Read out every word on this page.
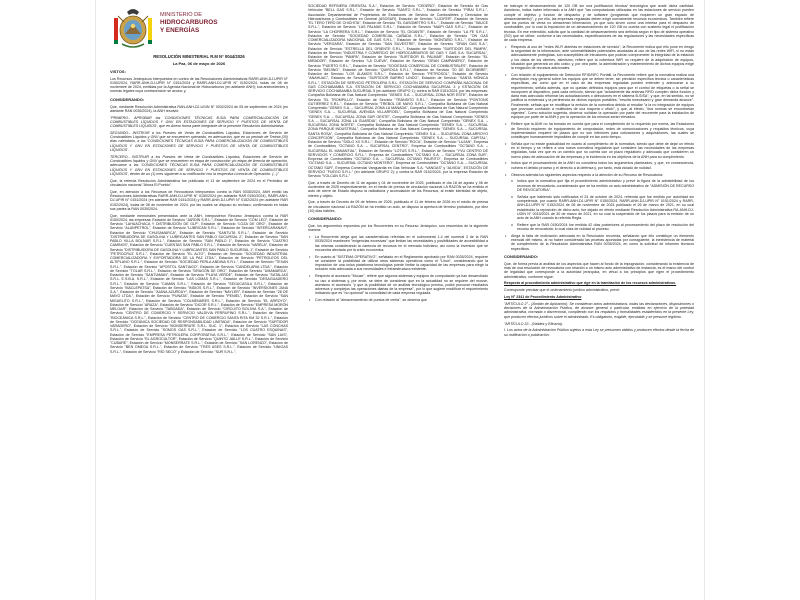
MINISTERIO DE
HIDROCARBUROS
Y ENERGÍAS

RESOLUCIÓN MINISTERIAL R.M N° 0044/2026

La Paz, 06 de mayo de 2026

VISTOS:

Los Recursos Jerárquicos interpuestos en contra de las Resoluciones Administrativas RARR-ANH-DJ-UPIR N° 0150/2024, RARR-ANH-DJ-UPIR N° 0151/2024 y RARR-ANH-DJ-UPIR N° 0152/2024, todas de 08 de noviembre de 2024, emitidas por la Agencia Nacional de Hidrocarburos (en adelante ANH); sus antecedentes y normas legales cuya contravención se acusa; y,

CONSIDERANDO:

Que, mediante Resolución Administrativa RAN-ANH-DJ-UGIN N° 0032/2024 de 05 de septiembre de 2024 (en adelante RAN 0035/2024), la ANH resolvió:

"PRIMERO.- APROBAR las 'CONDICIONES TÉCNICAS B-SIA PARA COMERCIALIZACIÓN DE COMBUSTIBLES LÍQUIDOS Y GNV EN ESTACIONES DE SERVICIO Y PUESTOS DE VENTA DE COMBUSTIBLES LÍQUIDOS', que en Anexo forma parte integrante de la presente Resolución Administrativa.

SEGUNDO.- INSTRUIR a los Puestos de Venta de Combustibles Líquidos, Estaciones de Servicio de Combustibles Líquidos y GNV que se encuentren operando, en adecuación, que en un periodo de Treinta (30) días calendario, a las 'CONDICIONES TÉCNICAS B-SIA PARA COMERCIALIZACIÓN DE COMBUSTIBLES LÍQUIDOS Y GNV EN ESTACIONES DE SERVICIO Y PUESTOS DE VENTA DE COMBUSTIBLES LÍQUIDOS'.

TERCERO.- INSTRUIR a los Puestos de Venta de Combustibles Líquidos, Estaciones de Servicio de Combustibles líquidos y GNV que se encuentren en etapa de construcción y/o etapa de licencia de operación, adecuarse a las 'CONDICIONES TÉCNICAS B-SIA PARA COMERCIALIZACIÓN DE COMBUSTIBLES LÍQUIDOS Y GNV EN ESTACIONES DE SERVICIO Y PUESTOS DE VENTA DE COMBUSTIBLES LÍQUIDOS', dentro de un (1) mes siguiente a su notificación con la respectiva Licencia de Operación. (...)"

Que, la referida Resolución Administrativa fue publicada el 13 de septiembre de 2024 en el Periódico de circulación nacional "Ahora El Pueblo".

Que, en atención a los Recursos de Revocatoria interpuestos contra la RAN 0035/2024, ANH emitió las Resoluciones Administrativas RARR-ANH-DJ-UPIR N° 0150/2024 (en adelante RAR 0150/2024), RARR-ANH-DJ-UPIR N° 0151/2024 (en adelante RAR 0151/2024) y RARR-ANH-DJ-UPIR N° 0152/2024 (en adelante RAR 0152/2024), todas de 08 de noviembre de 2024, por las cuales se dispuso su rechazo, confirmando en todas sus partes la RAN 0035/2024.

Que, mediante memoriales presentados ante la ANH, interpusieron Recurso Jerárquico contra la RAR 0150/2024, las empresas: Estación de Servicio "JARDÍN S.R.L.", Estación de Servicio "COM LEO", Estación de Servicio "LAHUACHACA Y DISTRIBUCIÓN DE GLP", Estación de Servicio "LOZA DE ORO", Estación de Servicio "ALANPETROL", Estación de Servicio "LUBRICAN S.R.L.", Estación de Servicio "INTERCARANAVI", Estación de Servicio "CHUSAMARCA", Estación de Servicio "SANTUTA S.R.L.", Estación de Servicio "DISTRIBUIDORA DE GASOLINA Y LUBRICANTES SAN PABLO SUCURSAL 2", Estación de Servicio "SAN PABLO VILLA BOLIVAR S.R.L.", Estación de Servicio "SAN PABLO 1", Estación de Servicio "CUATRO CAMINOS", Estación de Servicio "CUENTAS SAN PABLO S.R.L.", Estación de Servicio "VARELA", Estación de Servicio "DISTRIBUIDORA DE GASOLINA Y LUBRICANTES SAN PABLO SUCURSAL 1", Estación de Servicio "PETROCRUZ S.R.L.", Estación de Servicio "EL ALTO", Estación de Servicio "SOCIEDAD INDUSTRIAL COMERCIALIZADORA Y EXPORTADORA DE LA PAZ LTDA.", Estación de Servicio "PETROLEOS DEL ALTIPLANO S.R.L.", Estación de Servicio "SOCIEDAD FERLA ANDINA S.R.L.", Estación de Servicio "TEXAN S.R.L.", Estación de Servicio "APOSTOL SANTIAGO", Estación de Servicio "CANDELARIA LTDA.", Estación de Servicio "TOLAR S.R.L.", Estación de Servicio "DRAGÓN DE ORO", Estación de Servicio "UMAMARCA", Estación de Servicio "SANTIAMAN", Estación de Servicio "PLAYA VERDE", Estación de Servicio "SATALJAS S.R.L. E.S.B.A. S.R.L.", Estación de Servicio "LAS LOMAS S.R.L.", Estación de Servicio "DESAGUADERO S.R.L.", Estación de Servicio "CAMAN S.R.L.", Estación de Servicio "SEGUCASILA S.R.L.", Estación de Servicio "MACLEPATSA", Estación de Servicio "INDIOS S.R.L.", Estación de Servicio "INVERSIONES JANA S.A.", Estación de Servicio "JUANA AZURDUY", Estación de Servicio "NAYLER", Estación de Servicio "28 DE MAYO LTDA.", Estación de Servicio "PUNATA", Estación de Servicio "PENIEL", Estación de Servicio "SAN MIGUELITO S.R.L.", Estación de Servicio "COLMENARES S.R.L.", Estación de Servicio "EL ARROYO", Estación de Servicio "ARAZA", Estación de Servicio "DICOR S.R.L.", Estación de Servicio "EMPRESA MORÓN MELGAR", Estación de Servicio "TABOADA", Estación de Servicio "CIRCUITO BOLIVIA S.A.", Estación de Servicio "CENTRO DE COMERCIO Y SERVICIO VALDIVIA FERRUFINO S.R.L.", Estación de Servicio "BIOCEÁNICA S.R.L.", Estación de Servicio "CENTRO DE COMERCIO SANTA RITA KM 32 S.R.L.", Estación de Servicio "OCEÁNICA SOCIEDAD DE RESPONSABILIDAD LIMITADA", Estación de Servicio "SURTIDOR VARADERO", Estación de Servicio "MONSERRATE S.R.L. SUC. 1", Estación de Servicio "LAS CONCHAS S.R.L.", Estación de Servicio "SOMOS GAS S.R.L.", Estación de Servicio "LOS CUATRO ESQUINAS", Estación de Servicio "EMPRESA PETROLERA CORPORATIVA S.R.L.", Estación de Servicio "SAN LUIS", Estación de Servicio "EL AGROCULTOR", Estación de Servicio "QUINTO JAILLE S.R.L.", Estación de Servicio "CUBARE", Estación de Servicio "MONSERRATE S.R.L.", Estación de Servicio "SAN LORENZO", Estación de Servicio "BEN OMEGA S.R.L.", Estación de Servicio "TRES ASES S.R.L.", Estación de Servicio "UNIGAS S.R.L.", Estación de Servicio "RÍO SECO" y Estación de Servicio "SUR S.R.L.",

SOCIEDAD REFINERA ORIENTAL S.A.", Estación de Servicio "CEDEÑO", Estación de Servicio de Gas Vehicular "BELL GAS S.R.L.", Estación de Servicio "SANTO S.R.L.", Estación de Servicio "PIRAI S.R.L.", Asociación Departamental de Propietarios de Estaciones de Servicio de Combustibles y Derivados de Hidrocarburos y Combustibles en General (ASOSUR), Estación de Servicio "LUCIFER", Estación de Servicio "EL TERO TERO DE CHICHITA", Estación de Servicio "EL GASOMETRO S.R.L.", Estación de Servicio "SAUCE S.R.L.", Estación de Servicio "LAS PALMAS S.R.L.", Estación de Servicio "MAIPI GAS S.R.L.", Estación de Servicio "LA CHORRERA S.R.L.", Estación de Servicio "EL GIGANTE", Estación de Servicio "LA FE S.R.L.", Estación de Servicio "SOCIEDAD COMERCIAL CAÑADA S.R.L.", Estación de Servicio "ON GAS COMERCIALIZADORA NACIONAL DE GAS S.R.L.", Estación de Servicio "MONTAÑO S.R.L.", Estación de Servicio "VERGARA", Estación de Servicio "SAN SILVESTRE", Estación de Servicio "GRAN GAS S.A.", Estación de Servicio "ESTRELLA DEL ORIENTE S.R.L.", Estación de Servicio "SURTIDOR DEL PAMPA", Estación de Servicio "INDUSTRIA Y COMERCIO DE HIDROCARBUROS DE GAS Y GAS S.A. SUCURSAL", Estación de Servicio "PAMPA", Estación de Servicio "SURTIDOR EL PALMAR", Estación de Servicio "EL MIRADOR", Estación de Servicio "LA CUEVA", Estación de Servicio "GRAN CAMPANERO", Estación de Servicio "PUERTO S.R.L.", Estación de Servicio "SOCIEDAD COMERCIAL DE COMBUSTIBLES", Estación de Servicio "BEIJING", Estación de Servicio "QUIROGA S.R.L.", Estación de Servicio "20 DE DICIEMBRE", Estación de Servicio "LOS ÁLAMOS S.R.L.", Estación de Servicio "PETROSOL", Estación de Servicio "ANAHUAC", Estación de Servicio "SURTIDOR BARRIO LINDO", Estación de Servicio "SANTA MÓNICA S.R.L.", ESTACIÓN DE SERVICIO PETROLERA S.R.L. ESTACIÓN DE SERVICIO COMPAÑÍA NACIONAL DE GAS COCHABAMBA S.A. ESTACIÓN DE SERVICIO COCHABAMBA SUCURSAL 3 y ESTACIÓN DE SERVICIO COCHABAMBA SUCURSAL 5 (en adelante GRUPO 1); contra la RAR 0151/2024, por las empresas: Compañía Boliviana de Gas Natural Comprimido "GENEX S.A. – SUCURSAL ZONA NOR ESTE", Estación de Servicio "EL TROMPILLO", Estación de Servicio "TRÁNSITO S.R.L.", Estación de Servicio "PONTONS GUTIÉRREZ S.R.L.", Estación de Servicio "TREBOL DE MAYO S.R.L.", Compañía Boliviana de Gas Natural Comprimido "GENEX S.A. – SUCURSAL ZONA LA MANADA", Compañía Boliviana de Gas Natural Comprimido "GENEX S.A. – SUCURSAL AVENIDA VILLARROEL", Compañía Boliviana de Gas Natural Comprimido "GENEX S.A. – SUCURSAL ZONA SUR OESTE", Compañía Boliviana de Gas Natural Comprimido "GENEX S.A. – SUCURSAL ZONA LA GUARDIA", Compañía Boliviana de Gas Natural Comprimido "GENEX S.A. – SUCURSAL ZONA NORTE", Compañía Boliviana de Gas Natural Comprimido "GENEX S.A. – SUCURSAL ZONA PARQUE INDUSTRIAL", Compañía Boliviana de Gas Natural Comprimido "GENEX S.A. – SUCURSAL SANTA ROSA", Compañía Boliviana de Gas Natural Comprimido "GENEX S.A. – SUCURSAL ZONA ARROYO CONCEPCIÓN", Compañía Boliviana de Gas Natural Comprimido "GENEX S.A. – SUCURSAL CAPITAL", Estación de Servicio "SIGLO XX S.R.L.", Estación de Servicio "ROCA", Estación de Servicio "LUJAN", Empresa de Combustibles "OCTANO S.A. – SUCURSAL CENTRO", Empresa de Combustibles "OCTANO S.A. – SUCURSAL EL MANANTIAL", Estación de Servicio "LOTUS S.R.L.", Estación de Servicio "YVU CENTRO DE SERVICIOS Y COMERCIO S.R.L.", Empresa de Combustibles "OCTANO S.A. – SUCURSAL ZONA SUR", Empresa de Combustibles "OCTANO S.A. – SUCURSAL OCTANO PAURITO", Empresa de Combustibles "OCTANO S.A. – SUCURSAL OCTANO MONTERO", Empresa de Combustibles "OCTANO S.A. – SUCURSAL OCTANO SUR", Empresa Comercial Vanguardia en Gas Vehicular S.A. "VANGAS" y "ALVIDA", ESTACIÓN DE SERVICIO "FUEGO S.R.L." (en adelante GRUPO 2); y contra la RAR 0152/2024, por la empresa Estación de Servicio "VOLCAN S.R.L."

Que, a través de Decreto de 11 de agosto y 04 de noviembre de 2025, publicado el día 18 de agosto y 06 de noviembre de 2025 respectivamente, en el medio de prensa de circulación nacional LA RAZÓN se ha emitido el auto de cierre de Estado dispuso la radicatoria y acumulación de los Recursos, al existir identidad de objeto, interés y objeto.

Que, a través de Decreto de 09 de febrero de 2026, publicado el 11 de febrero de 2026 en el medio de prensa de circulación nacional LA RAZÓN se ha emitido un auto, se dispuso la apertura de término probatorio, por diez (10) días hábiles.

CONSIDERANDO:

Que, los argumentos expuestos por los Recurrentes en su Recurso Jerárquico, son resumidos de la siguiente manera:

• La Recurrente alega que las características referidas en el subnumeral 1.4 del numeral 3 de la RAN 0035/2024 mantienen "exigencias excesivas" que limitan las necesidades y posibilidades de accesibilidad a las mismas considerando la carencia de recursos en el mercado boliviano, así como la inversión que se encuentra afectada por la crisis económica.

• En cuanto al "SISTEMA OPERATIVO", señalado en el Reglamento aprobado por RAN 0035/2024, requiere se considere la posibilidad de utilizar otros sistemas operativos como el "Linux", considerando que la imposición de una única plataforma tecnológica puede limitar la capacidad de las empresas para elegir la solución más adecuada a sus necesidades e infraestructura existente.

• Respecto al accesorio "Mouse", refiere que algunos sistemas y equipos de computación ya han desarrollado su uso a sistemas y, por ende, se debe de considerar que en la actualidad no se requiere del mouse, asimismo el accesorio "y que la posibilidad de un análisis tecnológico preciso, podrá provocar resultados adversos y complejos las operaciones diarias de la empresa", por lo que sugiere modificar el requerimiento indicando que es "no opcional" la comodidad de cada empresa regulada.

• Con relación al "almacenamiento de puntos de venta", se observa que

se instruya el almacenamiento de 120 GB sin una justificación técnica/ tecnológica que avale dicha cantidad. Asimismo, indica haber informado a la ANH que "las computadoras utilizadas en las estaciones de servicio pueden cumplir el objetivo y función de despacho y de software (programas que requieren un gran espacio de almacenamiento)", y por ello, las empresas reguladas deben exigir nuevamente recursos económicos. También refiere que los puntos de venta no almacenan información, ya que solo sirven como una interfaz para el despacho de combustible, por lo cual la imposición de un almacenamiento de 120 GB no cuenta con sustento legal ni justificación técnica. En ese entendido, solicita que la cantidad de almacenamiento sea definida según el tipo de sistema operativo (SO) que se utilice, conforme a las necesidades, especificaciones de las regulaciones y las necesidades específicas de cada empresa.

• Respecto al uso de "redes Wi-Fi abiertas en estaciones de servicio", la Recurrente indica que ello pone en riesgo la seguridad de la información, ante vulnerabilidades potenciales asociadas al uso de las redes WiFi, si no están adecuadamente protegidas, son susceptibles de intrusiones que podrían comprometer la integridad de la estación y los datos de los clientes, asimismo, refiere que la cobertura WiFi no requiere de la adquisición de equipos, situación que generará un alto costo; y, por otra parte, la administración y mantenimiento de dichos equipos exige la erogación de recursos adicionales.

• Con relación al equipamiento de Detección RFID/NFC Portátil, la Recurrente refiere que la normativa realiza una descripción muy general sobre los equipos que se deben tener, sin precisión específica técnica o características específicas, así como que en el caso de las empresas reguladas pueden entender y adecuarse a su requerimiento; señala además, que no quedan definidos equipos para que el control de etiquetas o la señal se incorporen al dispositivo, para cada vehículo, siendo que "actualmente las antenas RFID cumplen dicha función y darla más adecuado reformar las actualizaciones o direcciones en el sistema B-SISA", y que, en tal sentido, no se justifica la existencia y la pertinencia de dichos equipos portátiles; "resulta innecesario y gran demanda alcance". Finalmente, señala que se modifique la emisión de la normativa debido al resultar "a la no integración de equipos que provocan confusión a multitudes de una mayoría o oficio", y que, al efecto, "dos normas se encontrarían vigentes". Como solución sugerida, observa: solicitan la operación por parte del recurrente para la instalación de equipos por parte de la ANH y por la operación de los mismos serán elevados.

• Refiere que la ANH no ha tomado en cuenta que para el cumplimiento de lo requerido por norma, las Estaciones de Servicio requieren de equipamiento de computación, redes de comunicaciones y requisitos técnicos, cuya implementación requiere de plazos que no son inferiores para cotizaciones y adquisiciones, las cuales se constituyen humanamente imposibles de cumplir en tan corto tiempo.

• Señala que no existe gradualidad en cuanto al cumplimiento de la normativa, siendo que debe de dejar un efecto en el tiempo y se refiere a una nueva normativa regulatoria que considere las necesidades de las empresas reguladas, toda vez que es un cambio que no cuenta con un plazo regulatorio y adecuado que consideren un nuevo plazo de adecuación de las empresas y la incidencia en los objetivos de la ANH para su cumplimiento.

• Indica que el procesamiento de la ANH no considera todos los argumentos planteados, y que, en consecuencia, vulnera el debido proceso y el derecho a la defensa y, por tanto, está viciado de nulidad.

• Observa además los siguientes aspectos respecto a la atención de su Recurso de Revocatoria:

o Indica que la normativa que fija el procedimiento administrativo y prevé la figura de la admisibilidad de los recursos de revocatoria, considerando que se ha emitido un acto administrativo de "ADMISIÓN DE RECURSO DE REVOCATORIA".

o Señala que habiendo sido notificados el 24 de octubre de 2024, refrenda que fue emitido por autoridad sin competencia, por cuanto RARR-ANH-DJ-UPIR N° 0150/2024, RARR-ANH-DJ-UPIR N° 0151/2024 y RARR-ANH-DJ-UPIR N° 0152/2024 de 08 de noviembre de 2024 publicado el 26 de marzo de 2021, en su cual establecido la reposición de dicho acto, fue dejado en efecto mediante Resolución Administrativa RA-ANH-DJ-UGIN N° 0015/2021 de 30 de marzo de 2021, en su cual la suspensión de los plazos para la emisión de un acto de la ANH cuando la referida Regla.

o Refiere que la RAR 0150/2024 fue emitida 42 días posteriores al procesamiento del plazo de resolución del recurso de revocatoria, lo cual vicia de nulidad al proceso.

• Alega la falta de motivación adecuada en la Resolución recurrida, señalando que ello constituye un elemento esencial del mismo, al no haber considerado las pruebas aportadas por consiguiente, la inexistencia de material de cumplimiento de la Resolución Administrativa RAN 0035/2024, en como la solicitud de informes técnicos específicos.

CONSIDERANDO:

Que, de forma previa al análisis de los aspectos que hacen al fondo de la impugnación, considerando la existencia de más de una resolución de revocatoria con relación a un mismo acto administrativo de instancia, es el marco del control de legalidad que corresponde a la autoridad jerárquica, en virtud a los principios que rigen el procedimiento administrativo, conforme sigue:

Respecto al procedimiento administrativo que rige en la tramitación de los recursos administrativos.

Corresponde precisar que el ordenamiento jurídico administrativo, prevé:

Ley N° 2341 de Procedimiento Administrativo

"ARTÍCULO 2°.- (Ámbito de Aplicación). Se consideran actos administrativos, todas las declaraciones, disposiciones o decisiones de la Administración Pública, de alcance general o particular, emitidas en ejercicio de la potestad administrativa, normada o discrecional, cumpliendo con los requisitos y formalidades establecidos en la presente Ley, que producen efectos jurídicos sobre el administrado. Es obligatorio, exigible, ejecutable y se presume legítimo.

"ARTÍCULO 32.- (Validez y Eficacia).

I. Los actos de la Administración Pública sujetos a esta Ley se presumen válidos y producen efectos desde la fecha de su notificación o publicación.
